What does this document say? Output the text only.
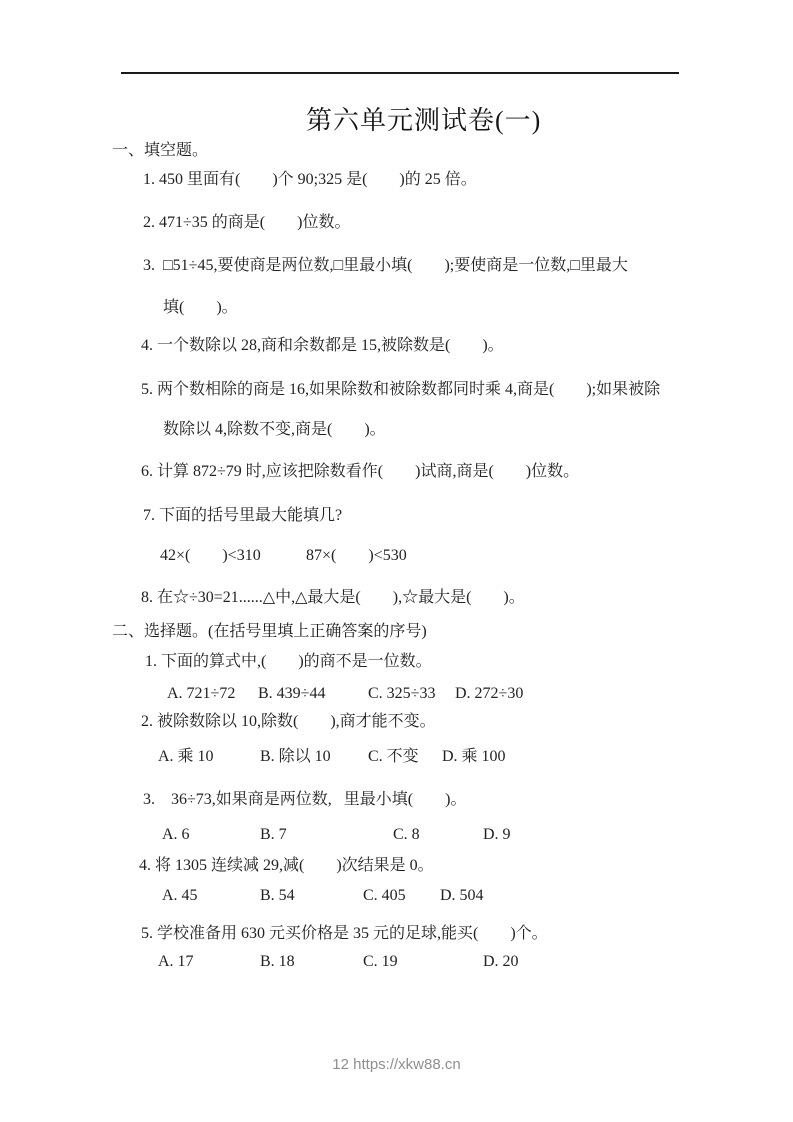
第六单元测试卷(一)
一、填空题。
1. 450 里面有(        )个 90;325 是(        )的 25 倍。
2. 471÷35 的商是(        )位数。
3.  □51÷45,要使商是两位数,□里最小填(        );要使商是一位数,□里最大
填(        )。
4. 一个数除以 28,商和余数都是 15,被除数是(        )。
5. 两个数相除的商是 16,如果除数和被除数都同时乘 4,商是(        );如果被除
数除以 4,除数不变,商是(        )。
6. 计算 872÷79 时,应该把除数看作(        )试商,商是(        )位数。
7. 下面的括号里最大能填几?
42×(        )<310	87×(        )<530
8. 在☆÷30=21......△中,△最大是(        ),☆最大是(        )。
二、选择题。(在括号里填上正确答案的序号)
1. 下面的算式中,(        )的商不是一位数。
A. 721÷72 B. 439÷44	C. 325÷33 D. 272÷30
2. 被除数除以 10,除数(        ),商才能不变。
A. 乘 10	B. 除以 10 C. 不变 D. 乘 100
3.    36÷73,如果商是两位数,   里最小填(        )。
A. 6	B. 7	C. 8	D. 9
4. 将 1305 连续减 29,减(        )次结果是 0。
A. 45	B. 54	C. 405 D. 504
5. 学校准备用 630 元买价格是 35 元的足球,能买(        )个。
A. 17	B. 18	C. 19	D. 20
12 https://xkw88.cn
